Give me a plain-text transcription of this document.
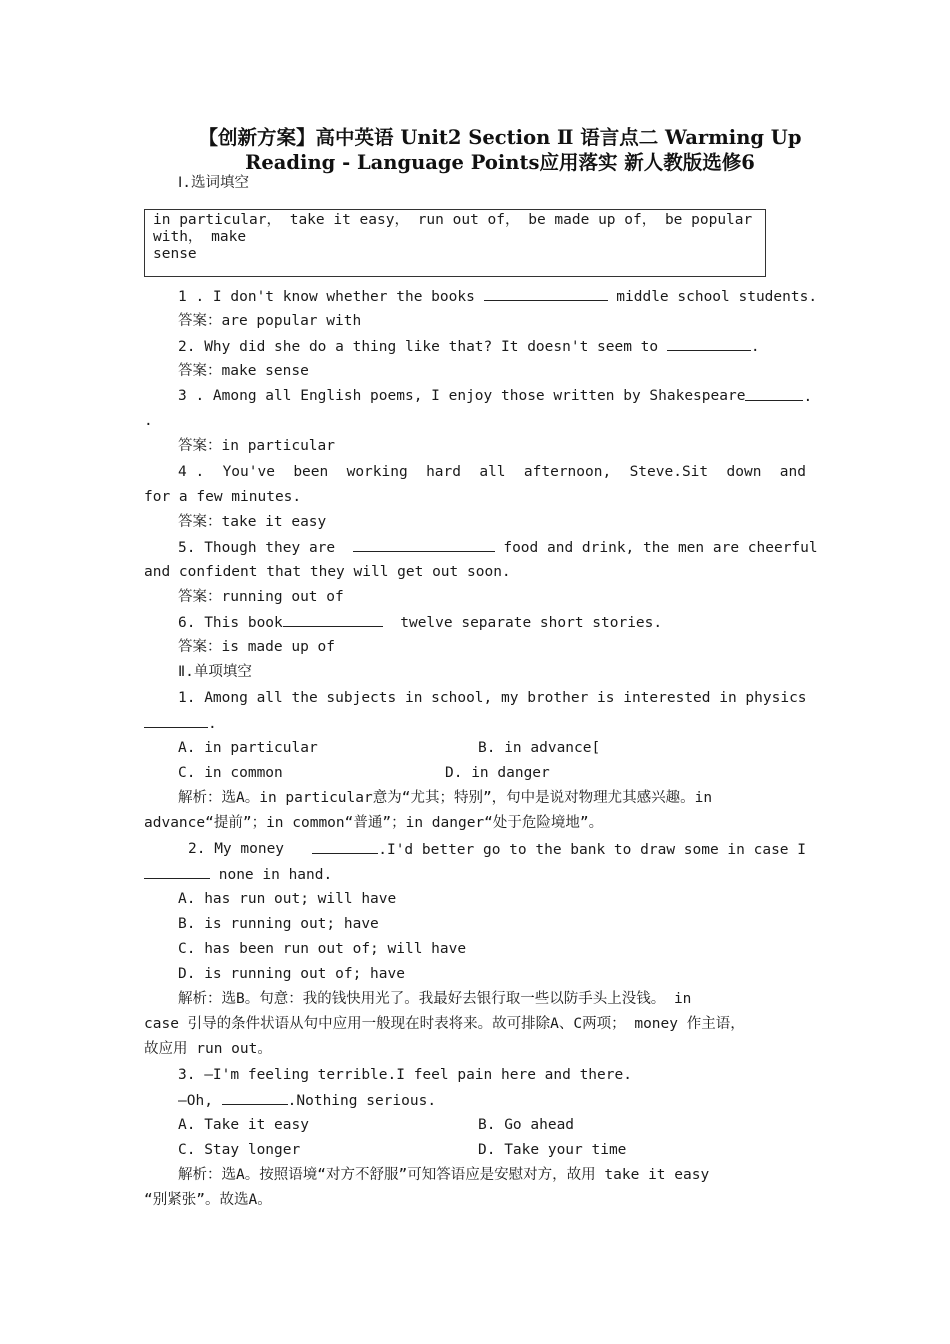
【创新方案】高中英语 Unit2 Section Ⅱ 语言点二 Warming Up
Reading - Language Points应用落实 新人教版选修6
Ⅰ.选词填空
in particular， take it easy， run out of， be made up of， be popular
with， make
sense
1 . I don't know whether the books	middle school students.
答案：are popular with
2. Why did she do a thing like that? It doesn't seem to	.
答案：make sense
3 . Among all English poems, I enjoy those written by Shakespeare	.
.
答案：in particular
4 . You've been working hard all afternoon, Steve.Sit down and
for a few minutes.
答案：take it easy
5. Though they are	food and drink, the men are cheerful
and confident that they will get out soon.
答案：running out of
6. This book	twelve separate short stories.
答案：is made up of
Ⅱ.单项填空
1. Among all the subjects in school, my brother is interested in physics
.
A. in particular	B. in advance[
C. in common	D. in danger
解析：选A。in particular意为“尤其；特别”，句中是说对物理尤其感兴趣。in
advance“提前”；in common“普通”；in danger“处于危险境地”。
2. My money	.I'd better go to the bank to draw some in case I
none in hand.
A. has run out; will have
B. is running out; have
C. has been run out of; will have
D. is running out of; have
解析：选B。句意：我的钱快用光了。我最好去银行取一些以防手头上没钱。 in
case 引导的条件状语从句中应用一般现在时表将来。故可排除A、C两项； money 作主语，
故应用 run out。
3. —I'm feeling terrible.I feel pain here and there.
—Oh,	.Nothing serious.
A. Take it easy	B. Go ahead
C. Stay longer	D. Take your time
解析：选A。按照语境“对方不舒服”可知答语应是安慰对方，故用 take it easy
“别紧张”。故选A。
